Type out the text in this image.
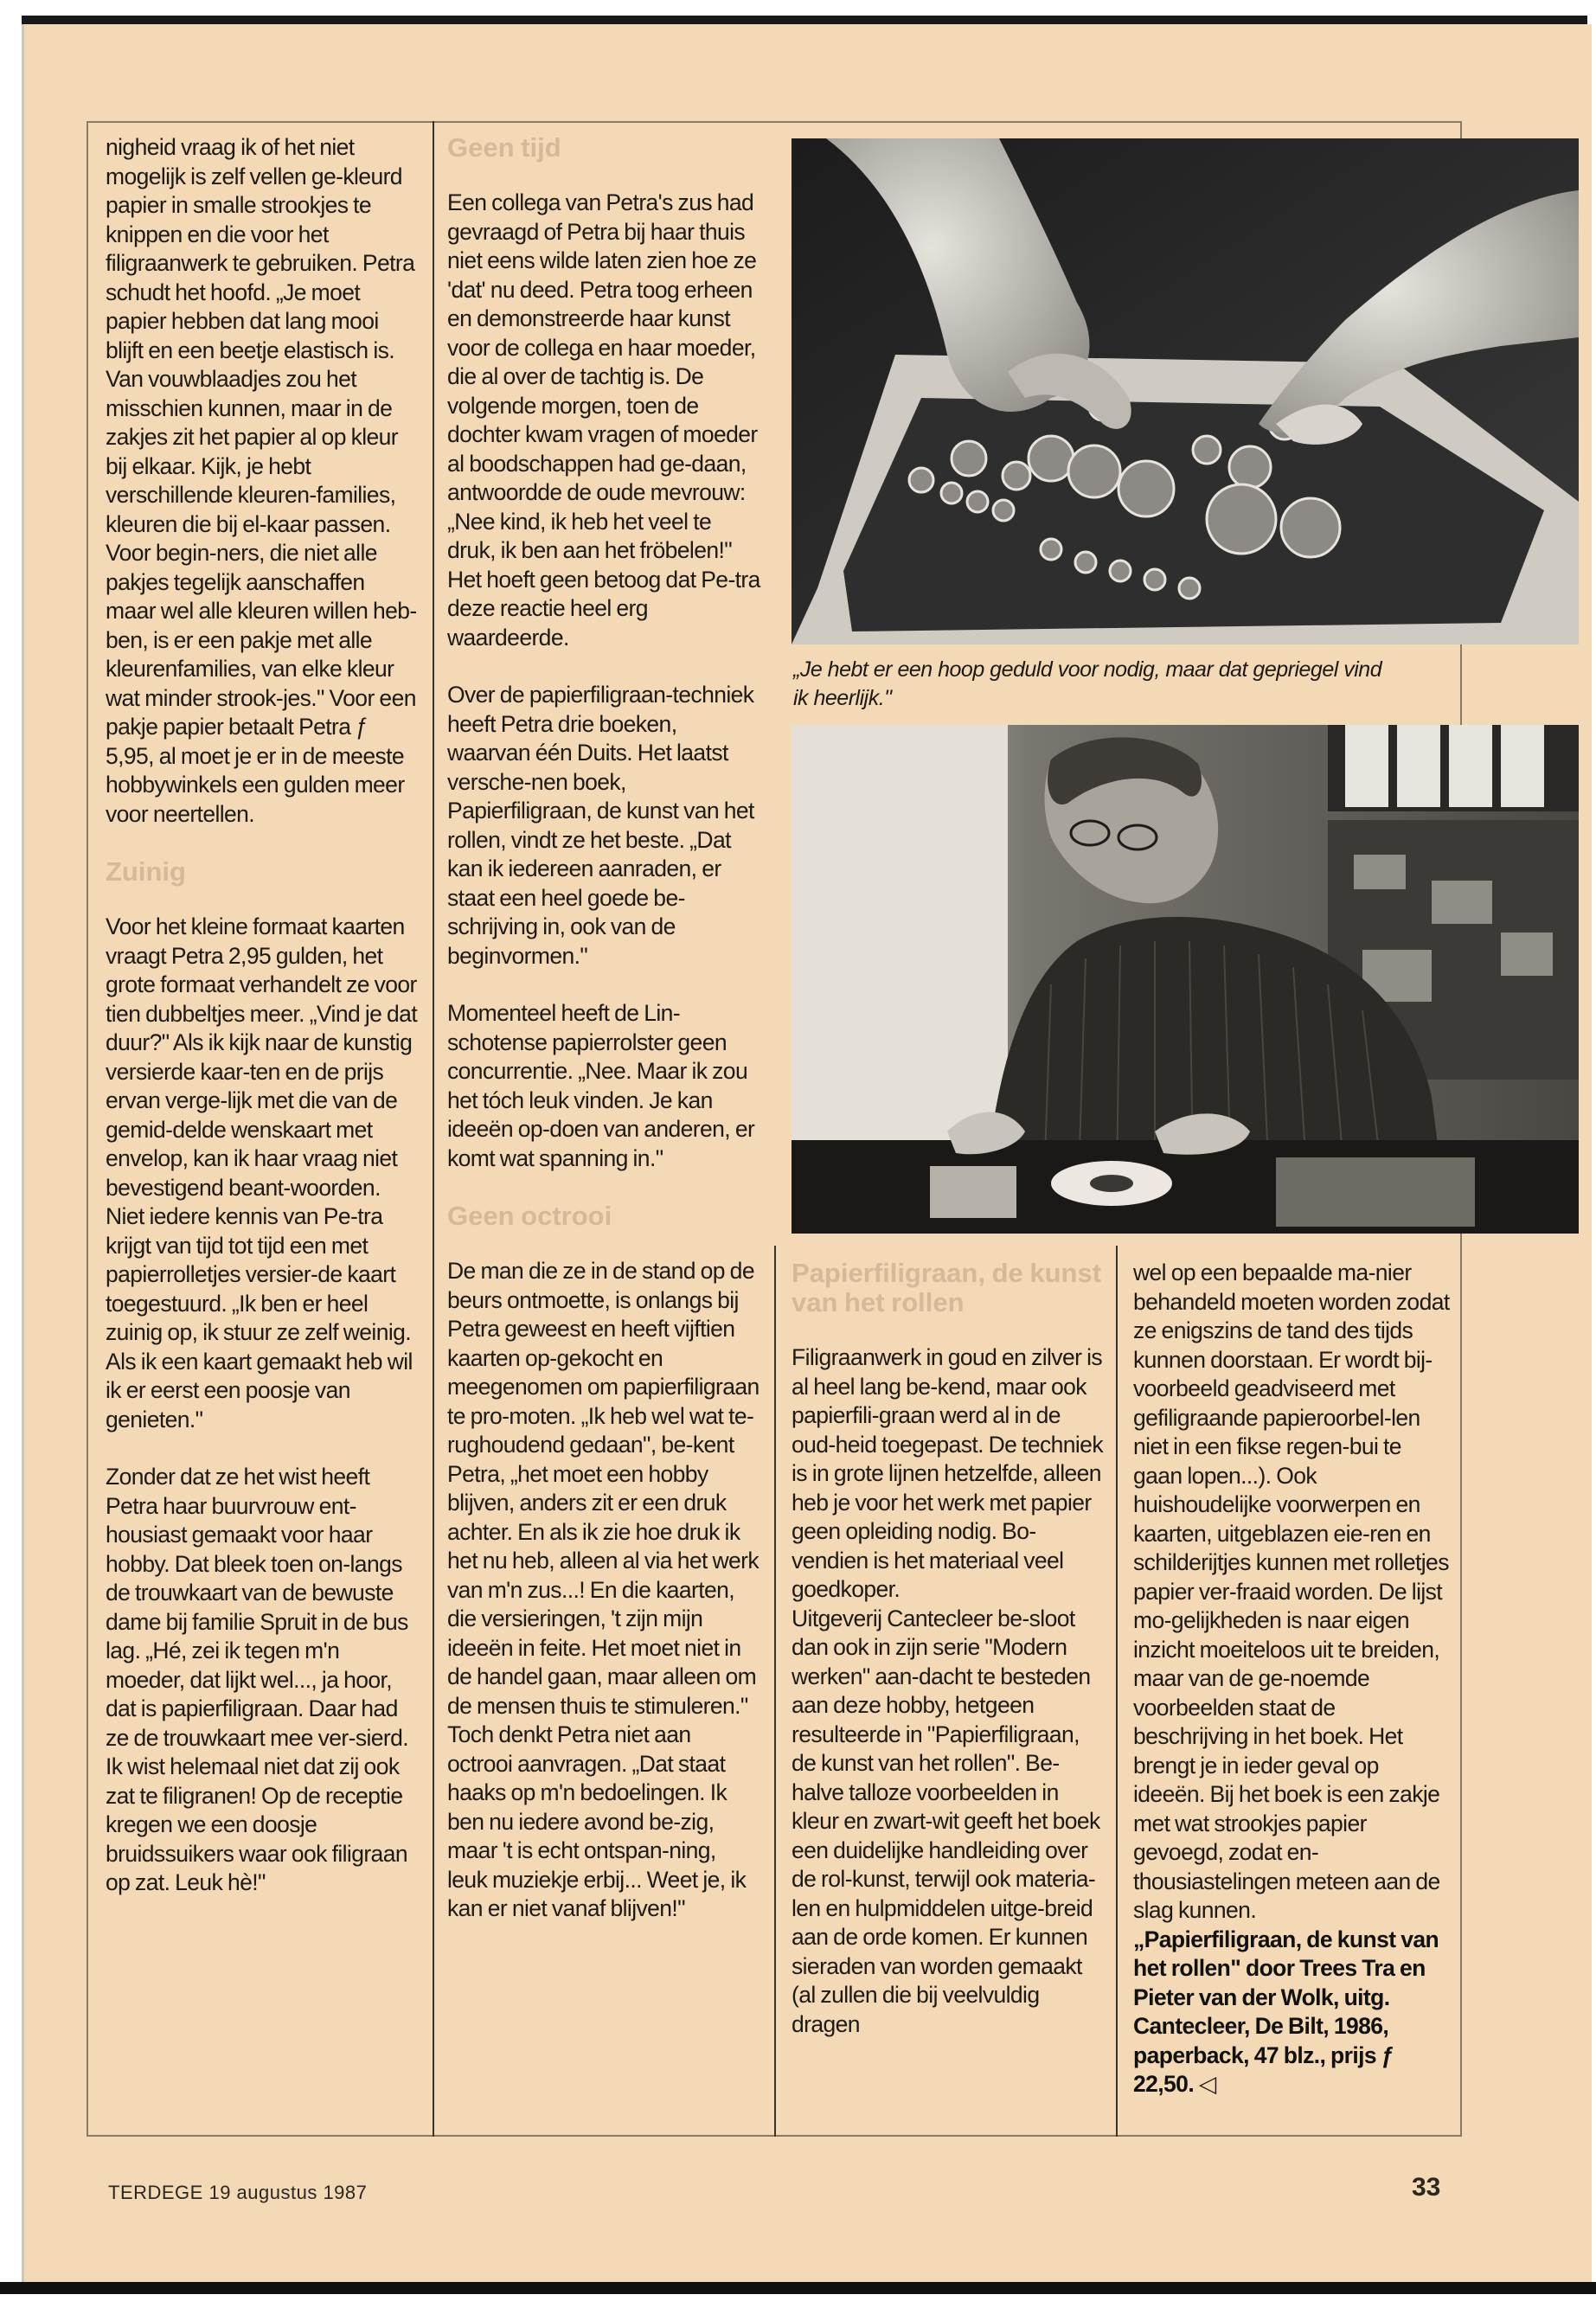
nigheid vraag ik of het niet mogelijk is zelf vellen ge-kleurd papier in smalle strookjes te knippen en die voor het filigraanwerk te gebruiken. Petra schudt het hoofd. „Je moet papier hebben dat lang mooi blijft en een beetje elastisch is. Van vouwblaadjes zou het misschien kunnen, maar in de zakjes zit het papier al op kleur bij elkaar. Kijk, je hebt verschillende kleuren-families, kleuren die bij el-kaar passen. Voor begin-ners, die niet alle pakjes tegelijk aanschaffen maar wel alle kleuren willen heb-ben, is er een pakje met alle kleurenfamilies, van elke kleur wat minder strook-jes." Voor een pakje papier betaalt Petra ƒ 5,95, al moet je er in de meeste hobbywinkels een gulden meer voor neertellen.

Zuinig

Voor het kleine formaat kaarten vraagt Petra 2,95 gulden, het grote formaat verhandelt ze voor tien dubbeltjes meer. „Vind je dat duur?" Als ik kijk naar de kunstig versierde kaar-ten en de prijs ervan verge-lijk met die van de gemid-delde wenskaart met envelop, kan ik haar vraag niet bevestigend beant-woorden.

Niet iedere kennis van Pe-tra krijgt van tijd tot tijd een met papierrolletjes versier-de kaart toegestuurd. „Ik ben er heel zuinig op, ik stuur ze zelf weinig. Als ik een kaart gemaakt heb wil ik er eerst een poosje van genieten."

Zonder dat ze het wist heeft Petra haar buurvrouw ent-housiast gemaakt voor haar hobby. Dat bleek toen on-langs de trouwkaart van de bewuste dame bij familie Spruit in de bus lag. „Hé, zei ik tegen m'n moeder, dat lijkt wel..., ja hoor, dat is papierfiligraan. Daar had ze de trouwkaart mee ver-sierd. Ik wist helemaal niet dat zij ook zat te filigranen! Op de receptie kregen we een doosje bruidssuikers waar ook filigraan op zat. Leuk hè!"

Geen tijd

Een collega van Petra's zus had gevraagd of Petra bij haar thuis niet eens wilde laten zien hoe ze 'dat' nu deed. Petra toog erheen en demonstreerde haar kunst voor de collega en haar moeder, die al over de tachtig is. De volgende morgen, toen de dochter kwam vragen of moeder al boodschappen had ge-daan, antwoordde de oude mevrouw: „Nee kind, ik heb het veel te druk, ik ben aan het fröbelen!" Het hoeft geen betoog dat Pe-tra deze reactie heel erg waardeerde.

Over de papierfiligraan-techniek heeft Petra drie boeken, waarvan één Duits. Het laatst versche-nen boek, Papierfiligraan, de kunst van het rollen, vindt ze het beste. „Dat kan ik iedereen aanraden, er staat een heel goede be-schrijving in, ook van de beginvormen."

Momenteel heeft de Lin-schotense papierrolster geen concurrentie. „Nee. Maar ik zou het tóch leuk vinden. Je kan ideeën op-doen van anderen, er komt wat spanning in."

Geen octrooi

De man die ze in de stand op de beurs ontmoette, is onlangs bij Petra geweest en heeft vijftien kaarten op-gekocht en meegenomen om papierfiligraan te pro-moten. „Ik heb wel wat te-rughoudend gedaan", be-kent Petra, „het moet een hobby blijven, anders zit er een druk achter. En als ik zie hoe druk ik het nu heb, alleen al via het werk van m'n zus...! En die kaarten, die versieringen, 't zijn mijn ideeën in feite. Het moet niet in de handel gaan, maar alleen om de mensen thuis te stimuleren." Toch denkt Petra niet aan octrooi aanvragen. „Dat staat haaks op m'n bedoelingen. Ik ben nu iedere avond be-zig, maar 't is echt ontspan-ning, leuk muziekje erbij... Weet je, ik kan er niet vanaf blijven!"

„Je hebt er een hoop geduld voor nodig, maar dat gepriegel vind ik heerlijk."
Papierfiligraan, de kunst van het rollen

Filigraanwerk in goud en zilver is al heel lang be-kend, maar ook papierfili-graan werd al in de oud-heid toegepast. De techniek is in grote lijnen hetzelfde, alleen heb je voor het werk met papier geen opleiding nodig. Bo-vendien is het materiaal veel goedkoper.

Uitgeverij Cantecleer be-sloot dan ook in zijn serie "Modern werken" aan-dacht te besteden aan deze hobby, hetgeen resulteerde in "Papierfiligraan, de kunst van het rollen". Be-halve talloze voorbeelden in kleur en zwart-wit geeft het boek een duidelijke handleiding over de rol-kunst, terwijl ook materia-len en hulpmiddelen uitge-breid aan de orde komen. Er kunnen sieraden van worden gemaakt (al zullen die bij veelvuldig dragen

wel op een bepaalde ma-nier behandeld moeten worden zodat ze enigszins de tand des tijds kunnen doorstaan. Er wordt bij-voorbeeld geadviseerd met gefiligraande papieroorbel-len niet in een fikse regen-bui te gaan lopen...). Ook huishoudelijke voorwerpen en kaarten, uitgeblazen eie-ren en schilderijtjes kunnen met rolletjes papier ver-fraaid worden. De lijst mo-gelijkheden is naar eigen inzicht moeiteloos uit te breiden, maar van de ge-noemde voorbeelden staat de beschrijving in het boek. Het brengt je in ieder geval op ideeën. Bij het boek is een zakje met wat strookjes papier gevoegd, zodat en-thousiastelingen meteen aan de slag kunnen.

„Papierfiligraan, de kunst van het rollen" door Trees Tra en Pieter van der Wolk, uitg. Cantecleer, De Bilt, 1986, paperback, 47 blz., prijs ƒ 22,50. ◁

TERDEGE 19 augustus 1987	33
